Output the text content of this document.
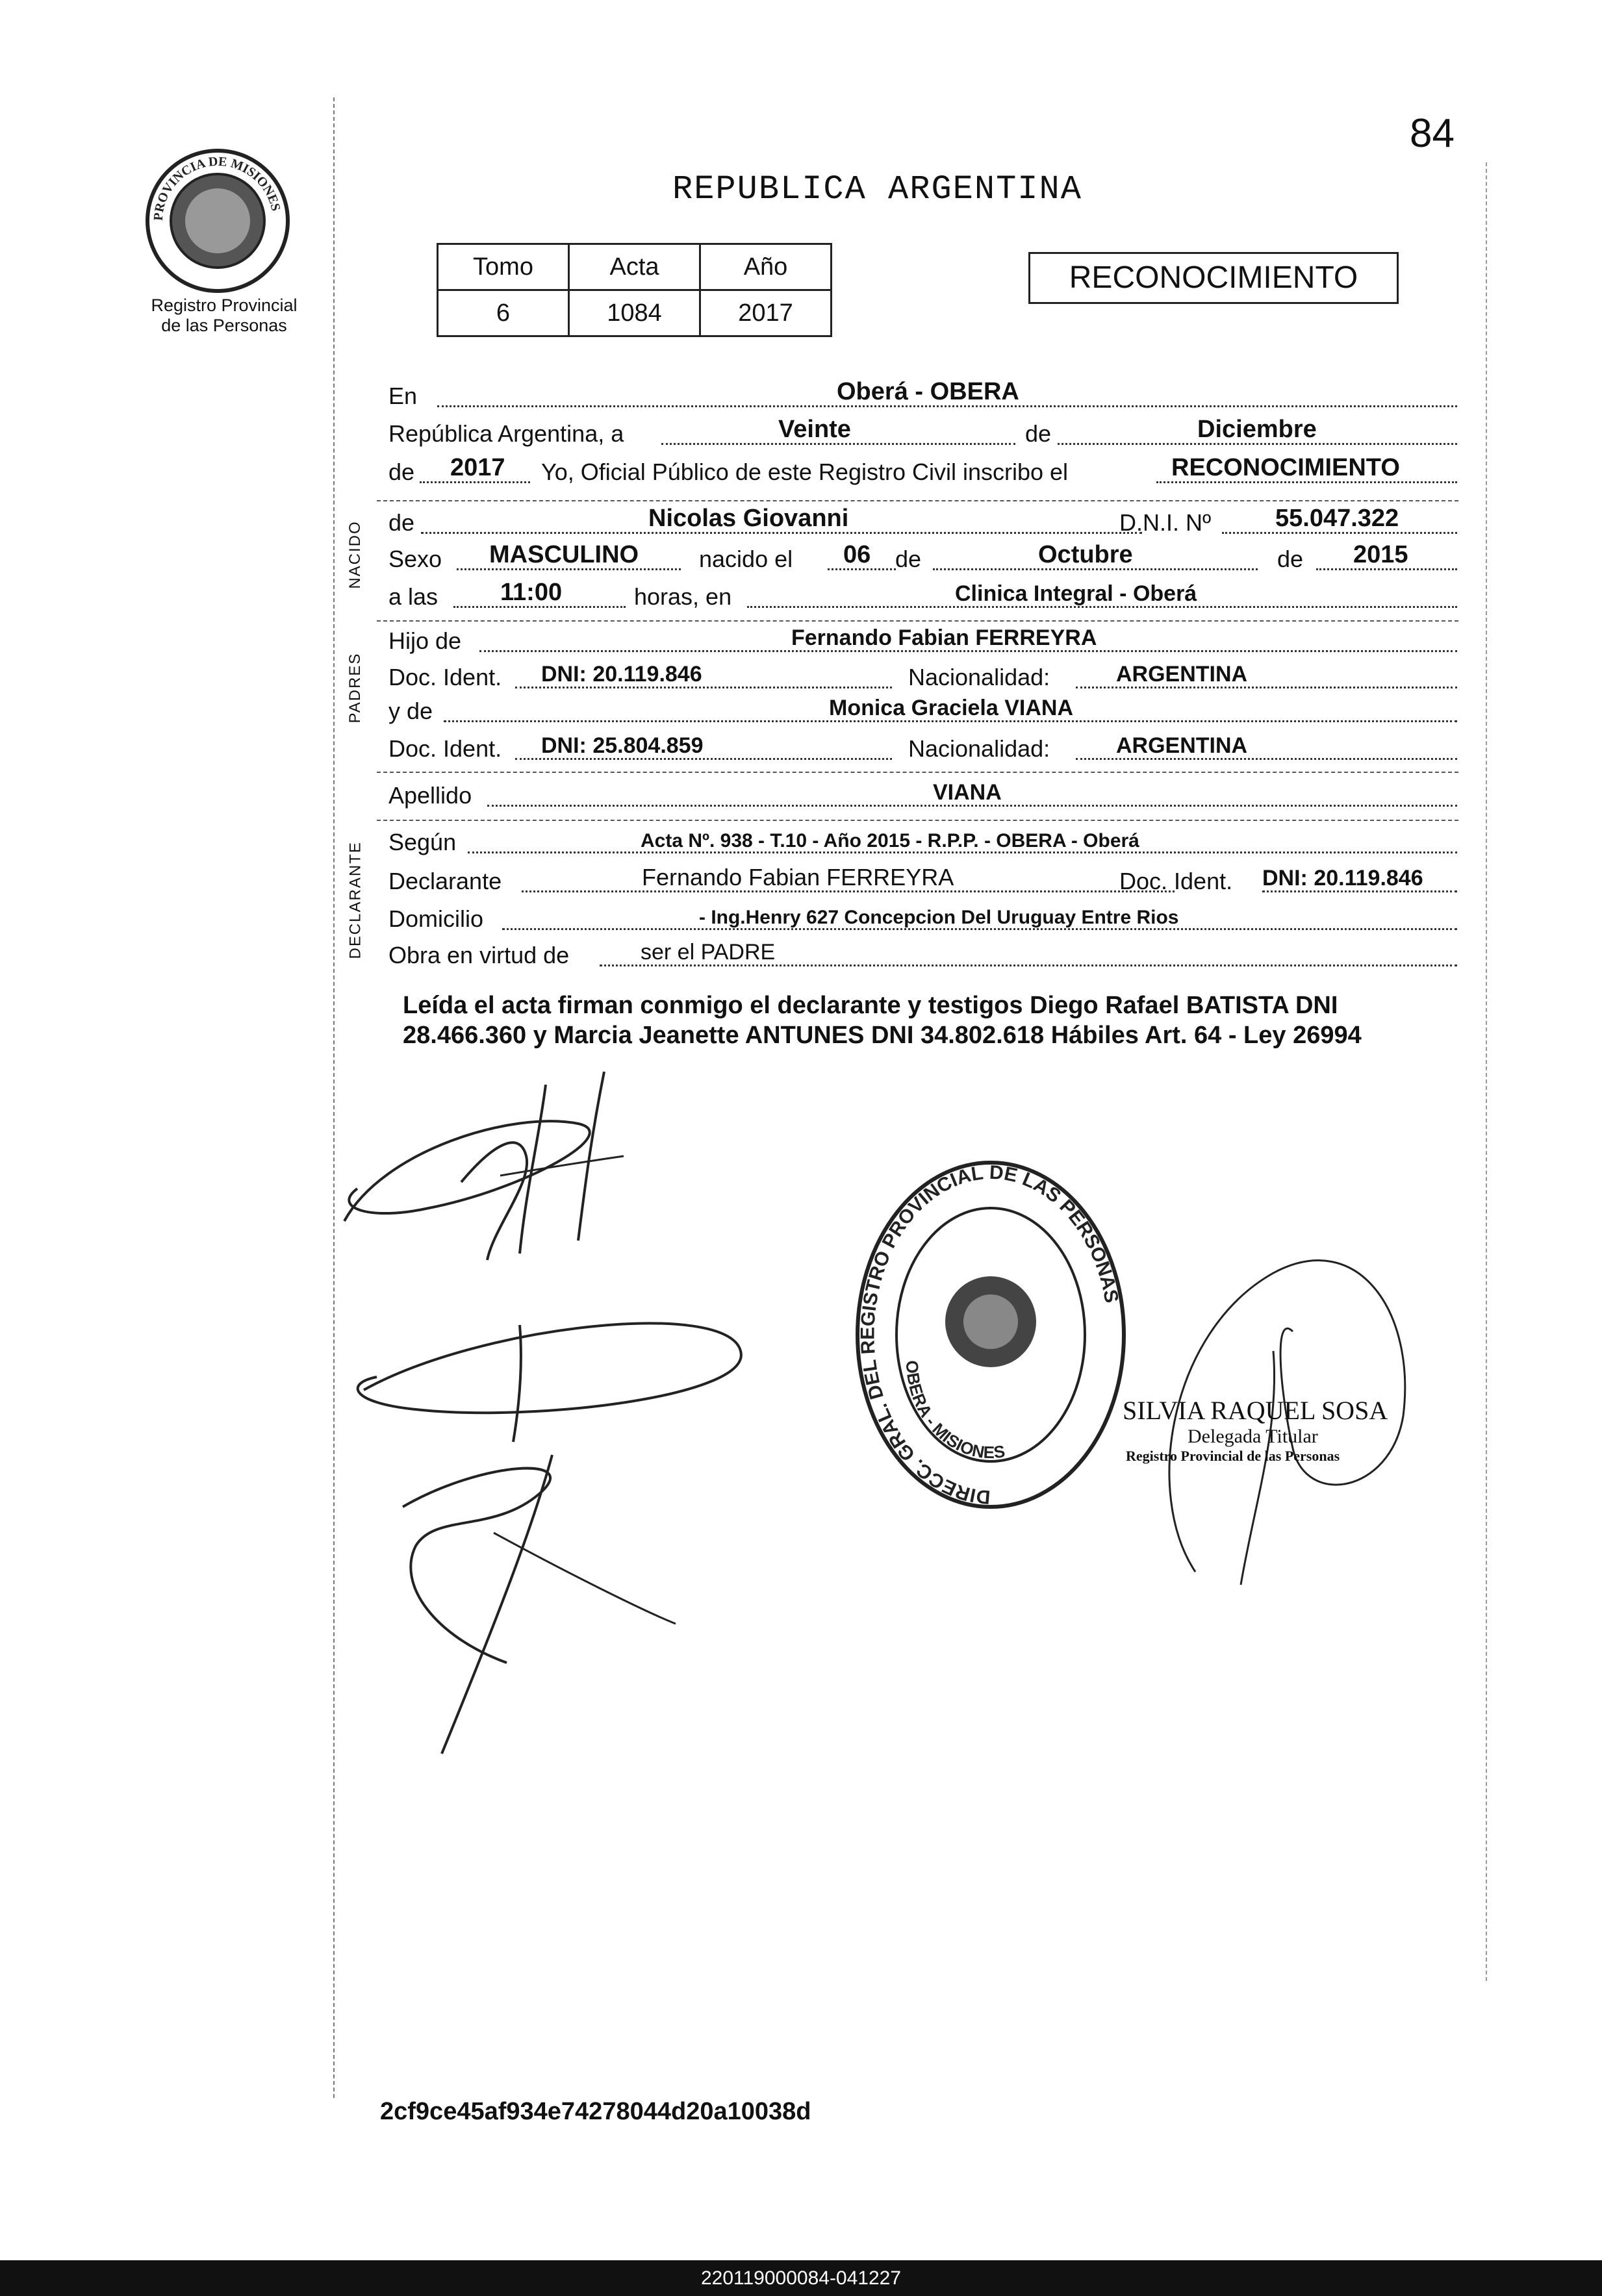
84
REPUBLICA ARGENTINA
PROVINCIA DE MISIONES
Registro Provincial
de las Personas
Tomo	Acta	Año
6	1084	2017
RECONOCIMIENTO
En	Oberá - OBERA
República Argentina, a	Veinte	de	Diciembre
de 2017 Yo, Oficial Público de este Registro Civil inscribo el	RECONOCIMIENTO
NACIDO de	Nicolas Giovanni	D.N.I. Nº	55.047.322
Sexo MASCULINO	nacido el 06 de	Octubre	de 2015
a las	11:00	horas, en	Clinica Integral - Oberá
PADRES
Hijo de	Fernando Fabian FERREYRA
Doc. Ident. DNI: 20.119.846	Nacionalidad:	ARGENTINA
y de	Monica Graciela VIANA
Doc. Ident. DNI: 25.804.859	Nacionalidad:	ARGENTINA
Apellido	VIANA
DECLARANTE Según	Acta Nº. 938 - T.10 - Año 2015 - R.P.P. - OBERA - Oberá
Declarante	Fernando Fabian FERREYRA	Doc. Ident. DNI: 20.119.846
Domicilio	- Ing.Henry 627 Concepcion Del Uruguay Entre Rios
Obra en virtud de	ser el PADRE
Leída el acta firman conmigo el declarante y testigos Diego Rafael BATISTA DNI 28.466.360 y Marcia Jeanette ANTUNES DNI 34.802.618 Hábiles Art. 64 - Ley 26994
DIRECC. GRAL. DEL REGISTRO PROVINCIAL DE LAS PERSONAS
OBERA - MISIONES
SILVIA RAQUEL SOSA
Delegada Titular
Registro Provincial de las Personas
2cf9ce45af934e74278044d20a10038d
220119000084-041227
